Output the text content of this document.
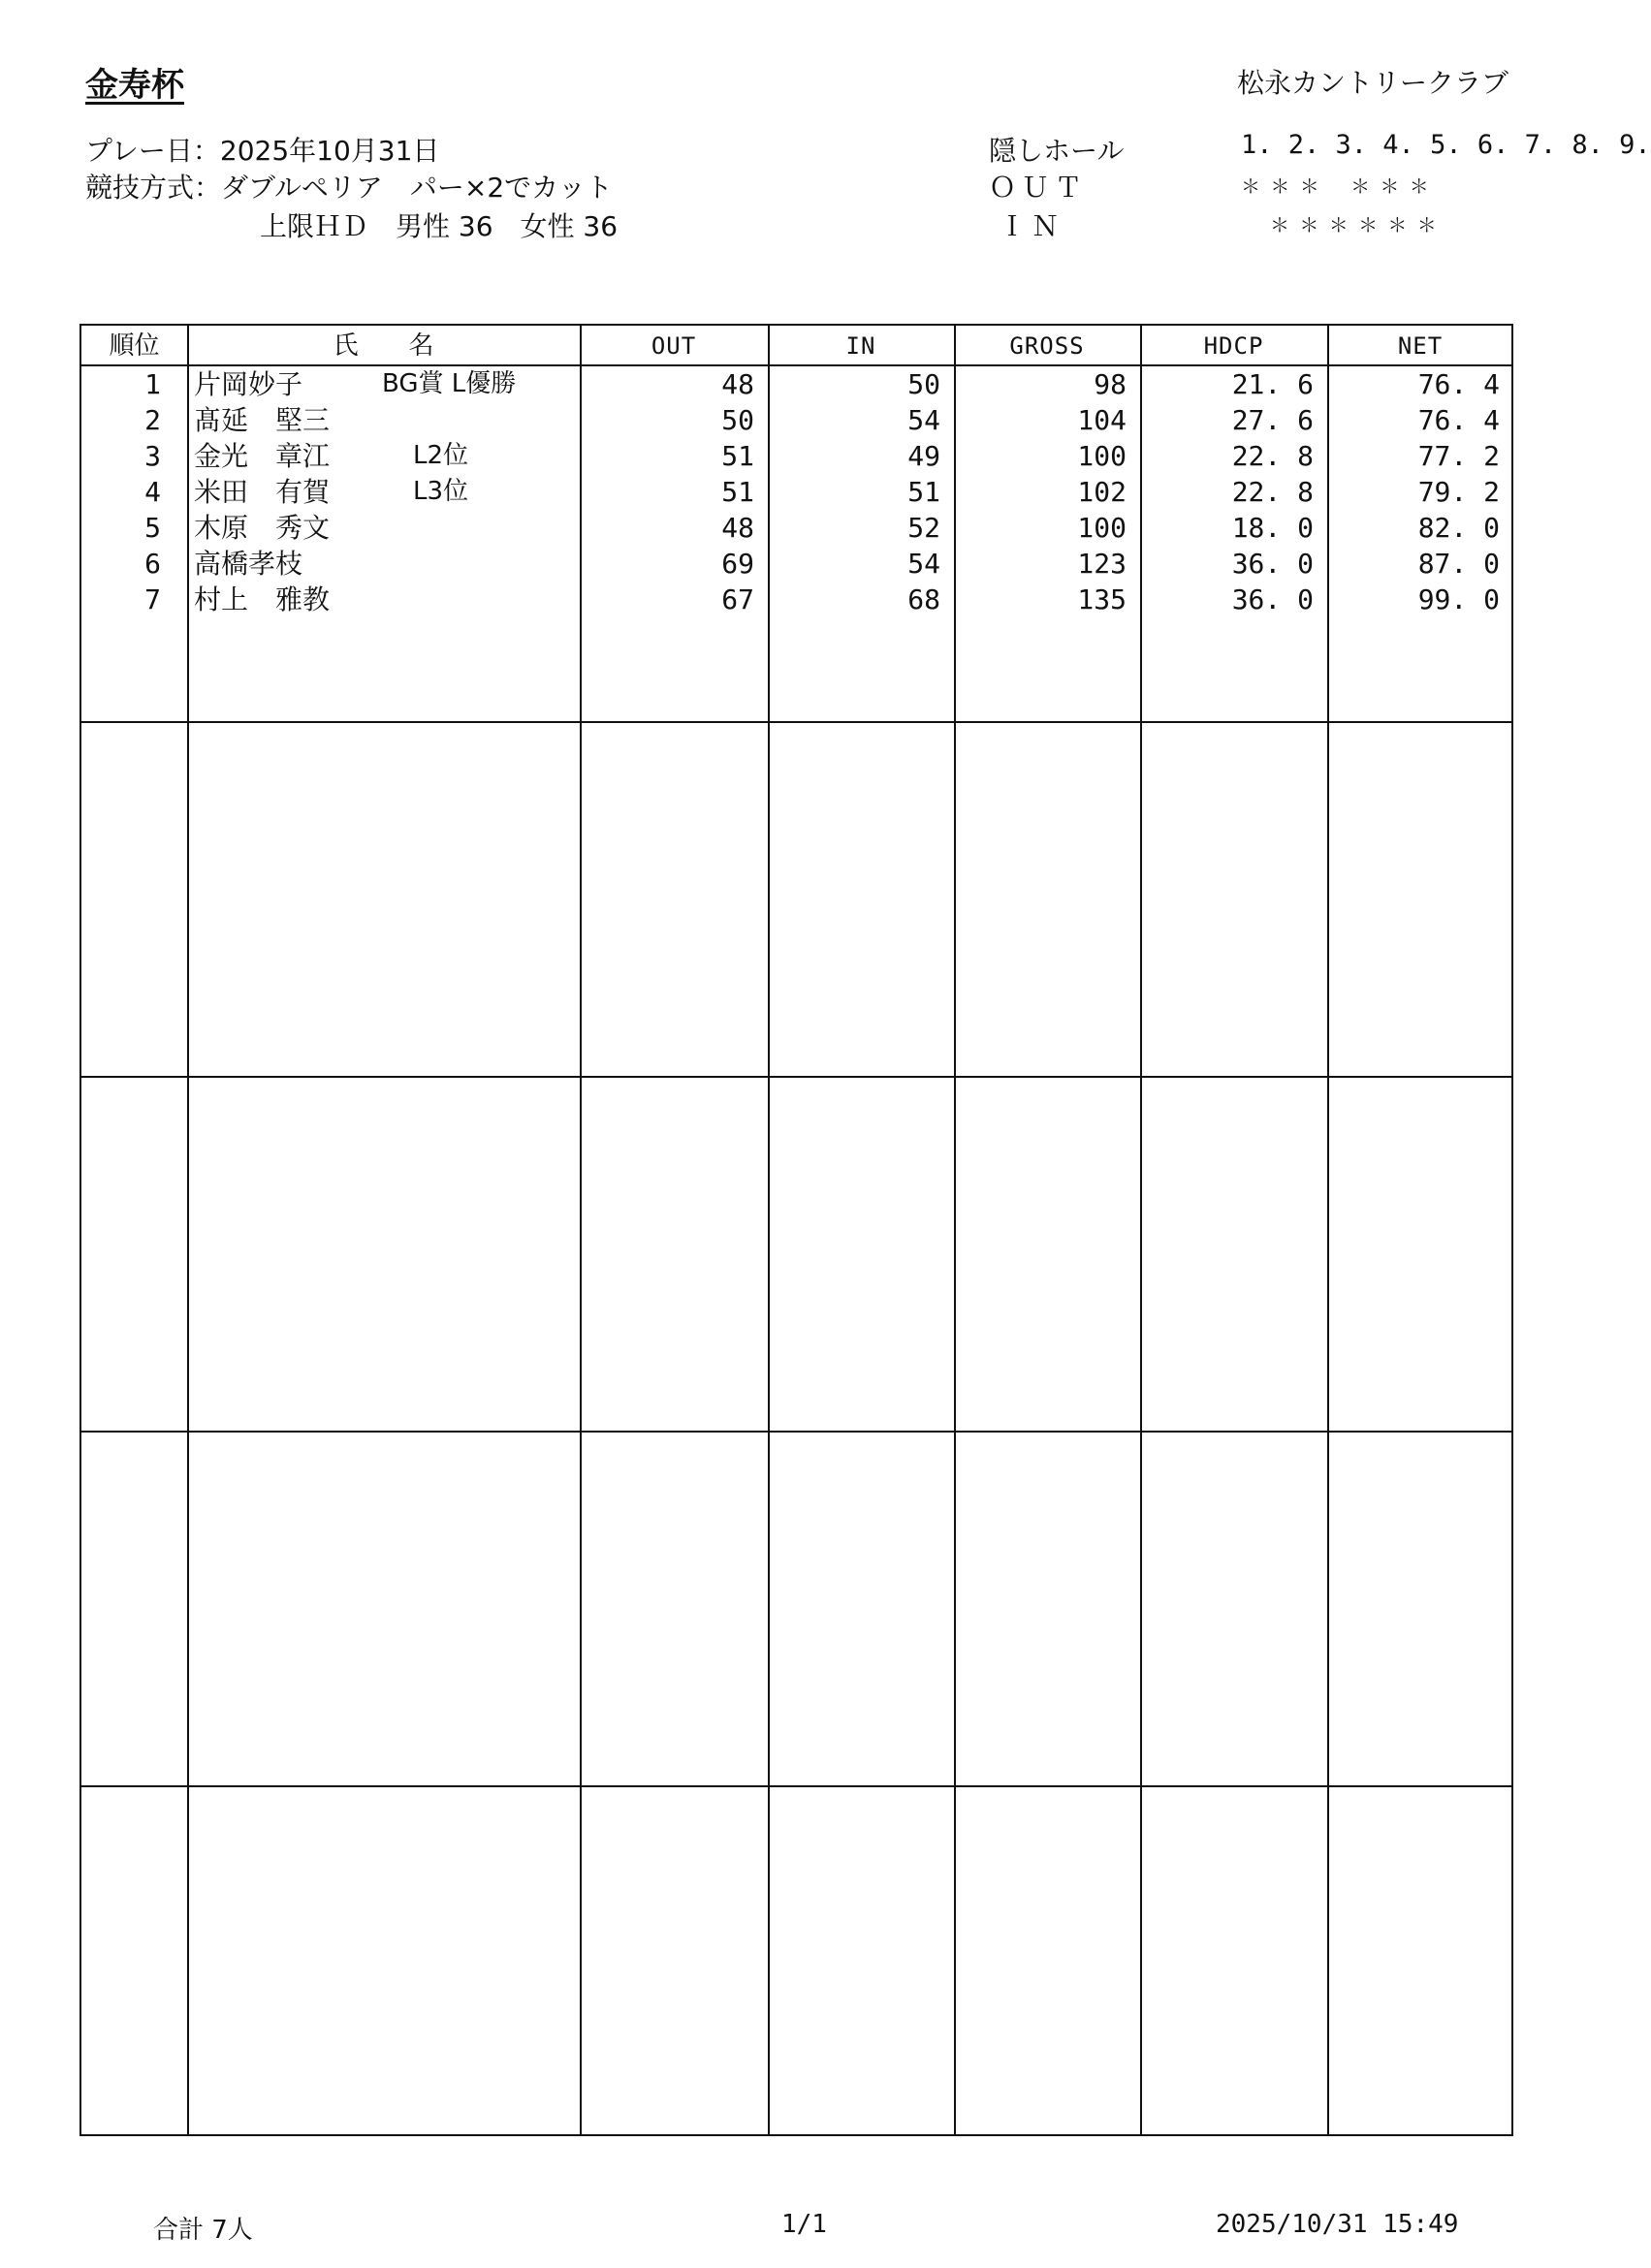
金寿杯	松永カントリークラブ
プレー日：2025年10月31日
競技方式：ダブルペリア　パー×2でカット
上限ＨＤ　男性 36　女性 36
隠しホール	1. 2. 3. 4. 5. 6. 7. 8. 9.
ＯＵＴ	＊ ＊ ＊　 ＊ ＊ ＊
ＩＮ	＊ ＊ ＊ ＊ ＊ ＊
順位	氏　　名	OUT	IN	GROSS	HDCP	NET
1 片岡妙子	BG賞 L優勝	48	50	98	21. 6	76. 4
2 髙延　堅三	50	54	104	27. 6	76. 4
3 金光　章江	L2位	51	49	100	22. 8	77. 2
4 米田　有賀	L3位	51	51	102	22. 8	79. 2
5 木原　秀文	48	52	100	18. 0	82. 0
6 高橋孝枝	69	54	123	36. 0	87. 0
7 村上　雅教	67	68	135	36. 0	99. 0
合計 7人	1/1	2025/10/31 15:49
